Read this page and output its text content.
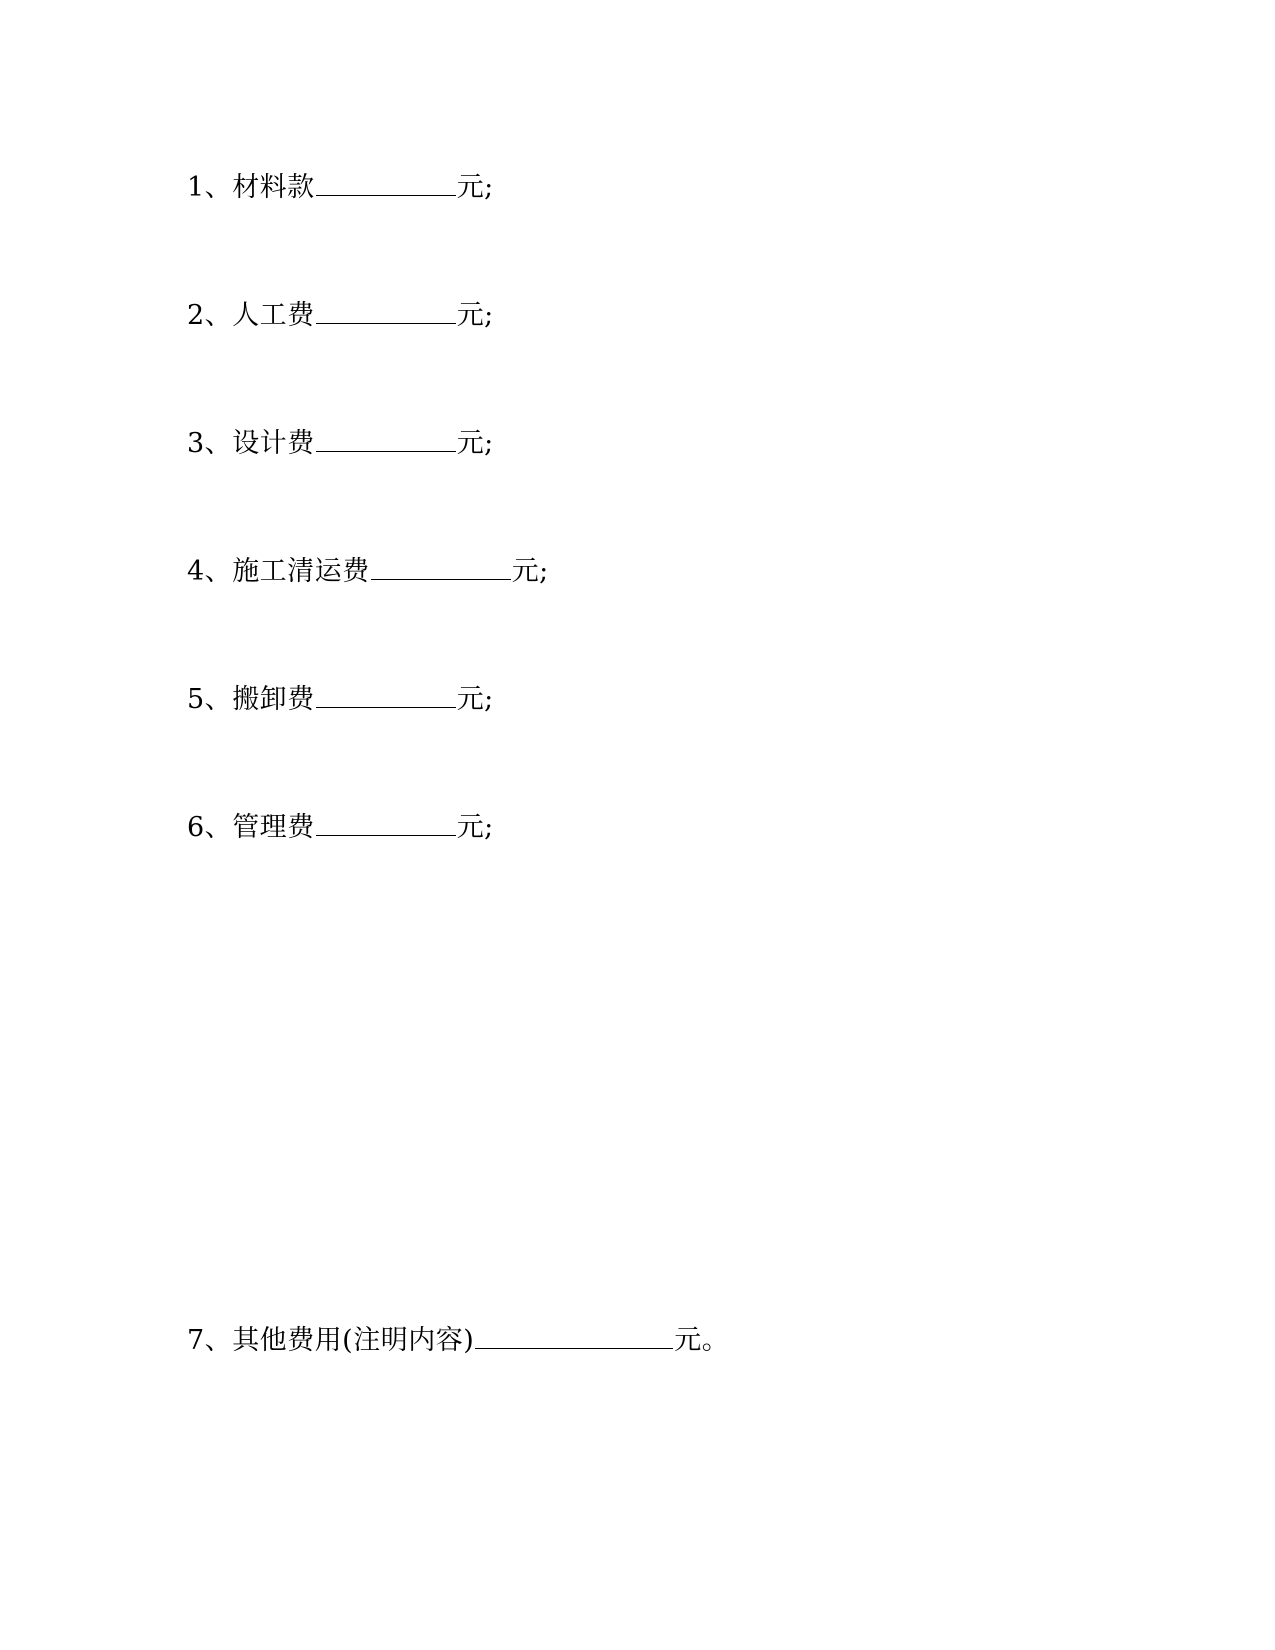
1、材料款	元;
2、人工费	元;
3、设计费	元;
4、施工清运费	元;
5、搬卸费	元;
6、管理费	元;
7、其他费用(注明内容)	元。
